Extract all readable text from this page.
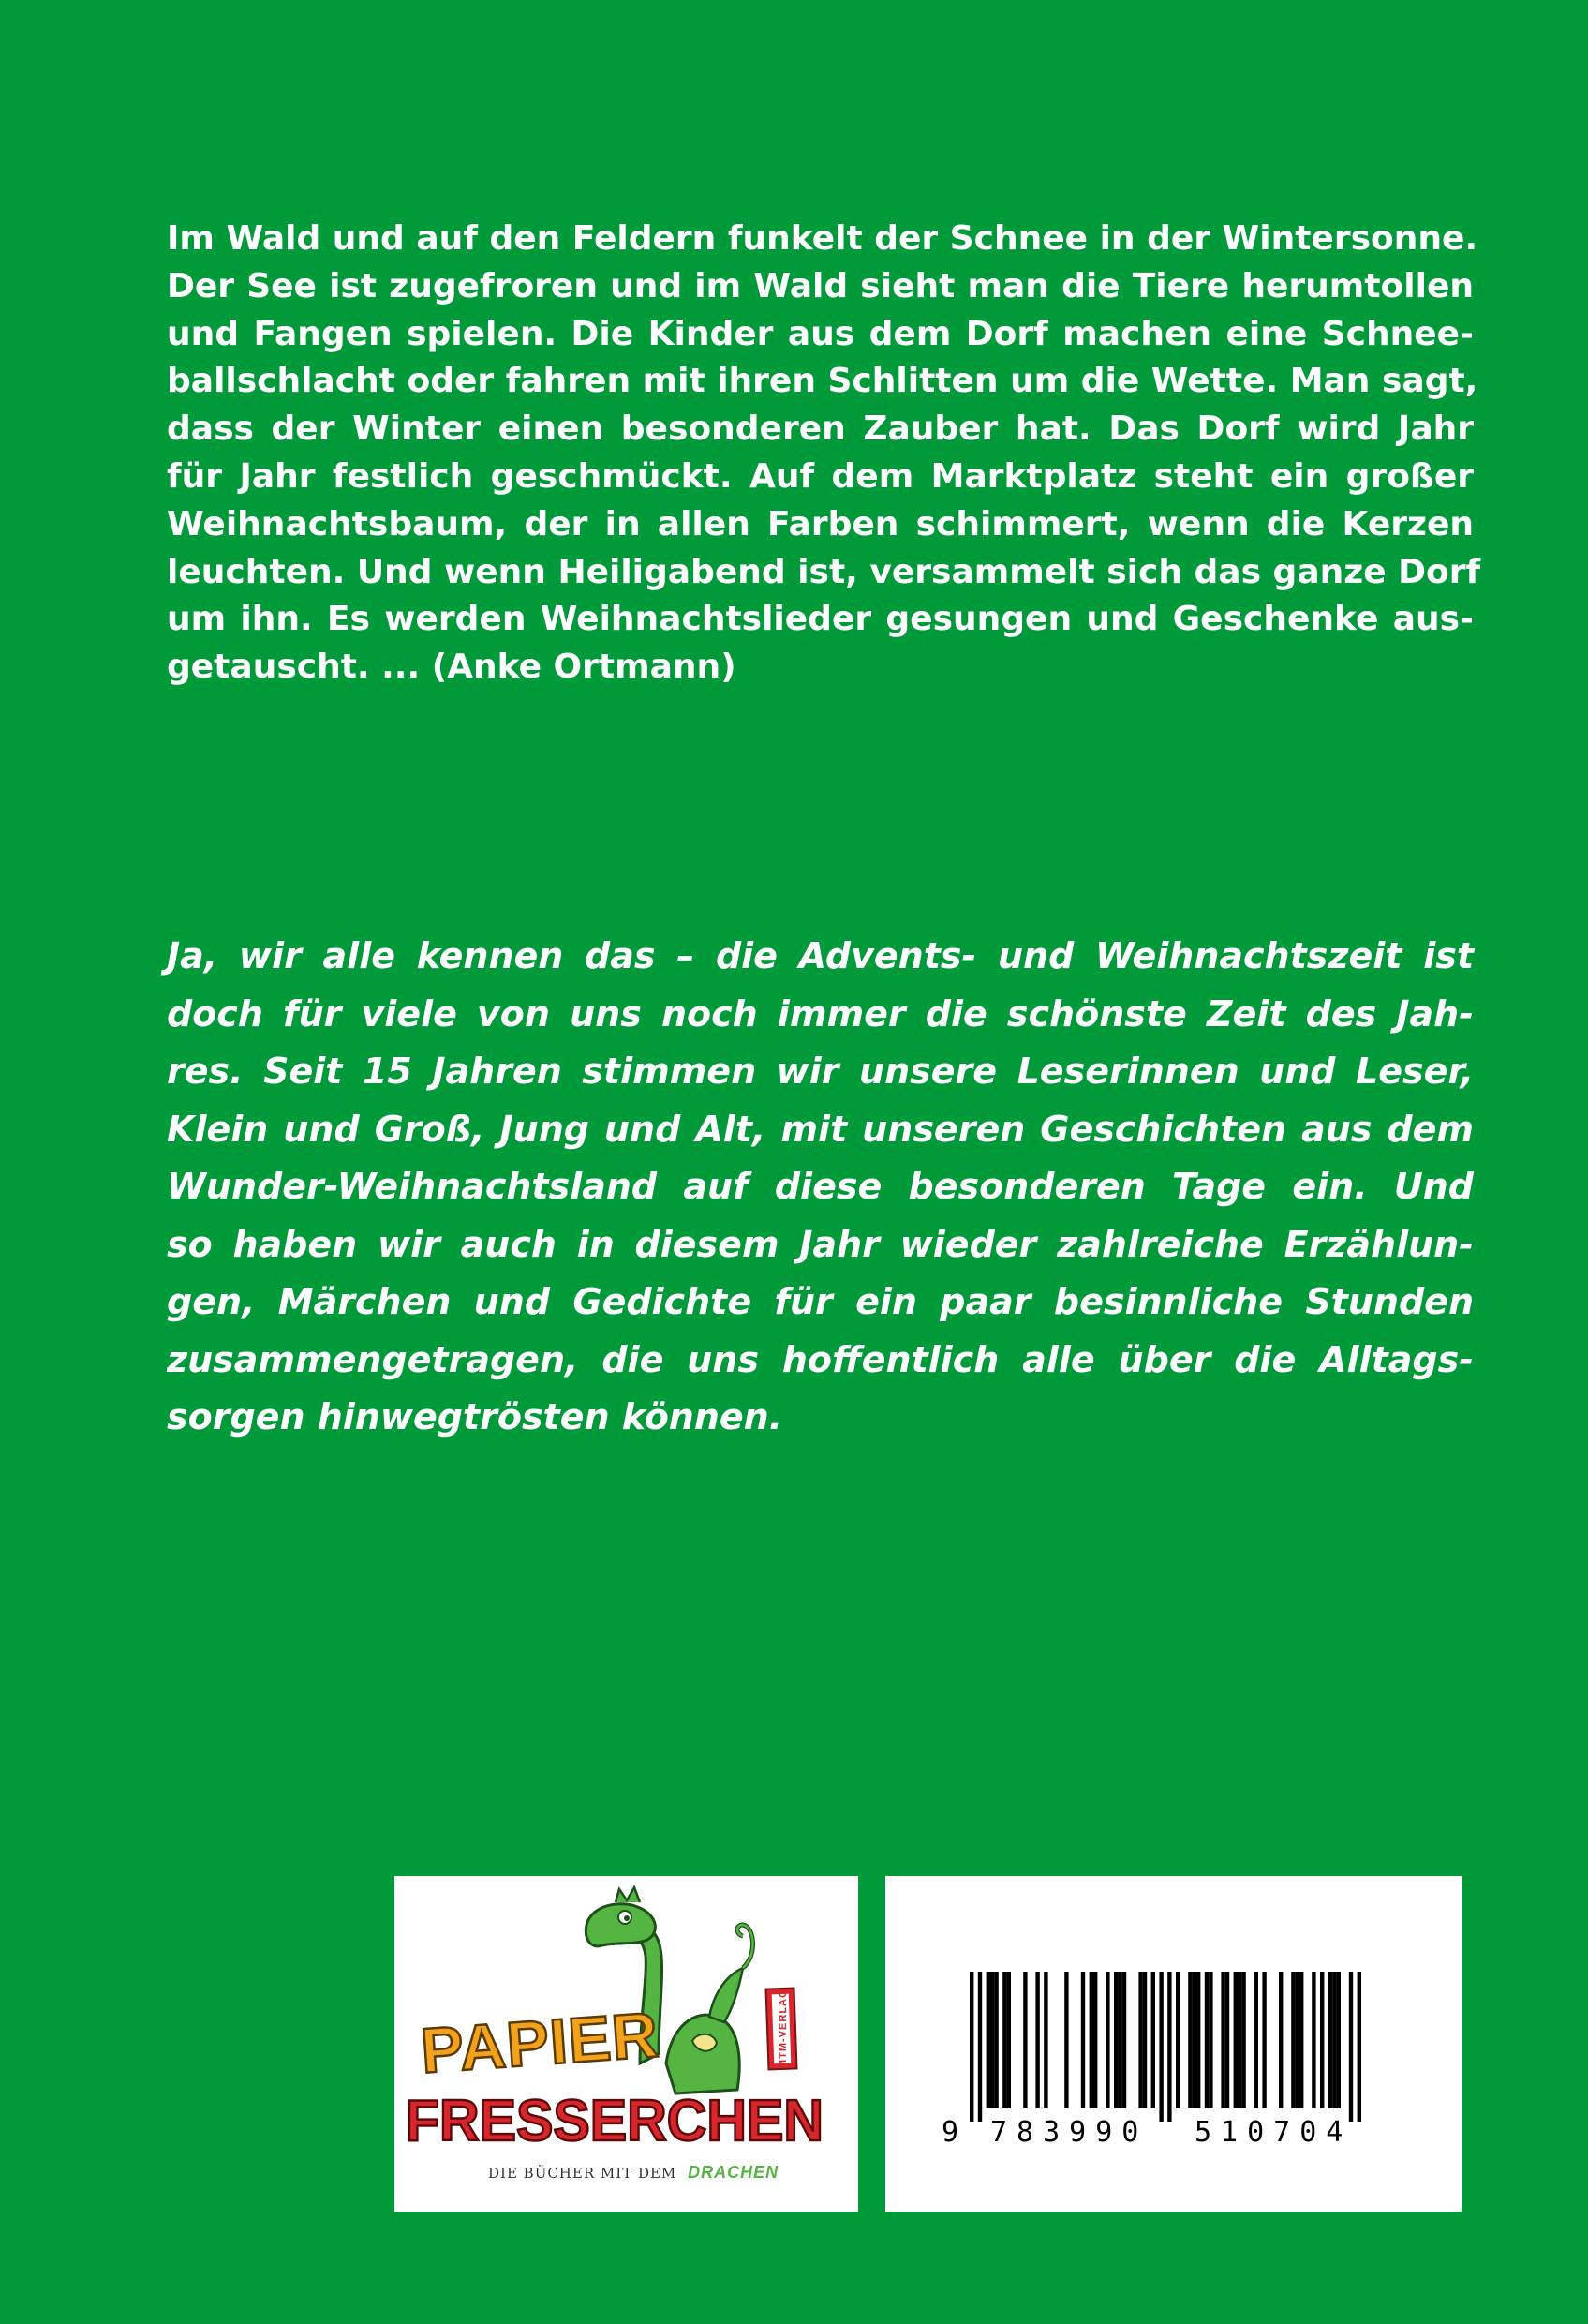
Im Wald und auf den Feldern funkelt der Schnee in der Wintersonne.
Der See ist zugefroren und im Wald sieht man die Tiere herumtollen
und Fangen spielen. Die Kinder aus dem Dorf machen eine Schnee-
ballschlacht oder fahren mit ihren Schlitten um die Wette. Man sagt,
dass der Winter einen besonderen Zauber hat. Das Dorf wird Jahr
für Jahr festlich geschmückt. Auf dem Marktplatz steht ein großer
Weihnachtsbaum, der in allen Farben schimmert, wenn die Kerzen
leuchten. Und wenn Heiligabend ist, versammelt sich das ganze Dorf
um ihn. Es werden Weihnachtslieder gesungen und Geschenke aus-
getauscht. ... (Anke Ortmann)
Ja, wir alle kennen das – die Advents- und Weihnachtszeit ist
doch für viele von uns noch immer die schönste Zeit des Jah-
res. Seit 15 Jahren stimmen wir unsere Leserinnen und Leser,
Klein und Groß, Jung und Alt, mit unseren Geschichten aus dem
Wunder-Weihnachtsland auf diese besonderen Tage ein. Und
so haben wir auch in diesem Jahr wieder zahlreiche Erzählun-
gen, Märchen und Gedichte für ein paar besinnliche Stunden
zusammengetragen, die uns hoffentlich alle über die Alltags-
sorgen hinwegtrösten können.
MTM-VERLAG
PAPIER
FRESSERCHEN
DIE BÜCHER MIT DEM DRACHEN
9 783990 510704
